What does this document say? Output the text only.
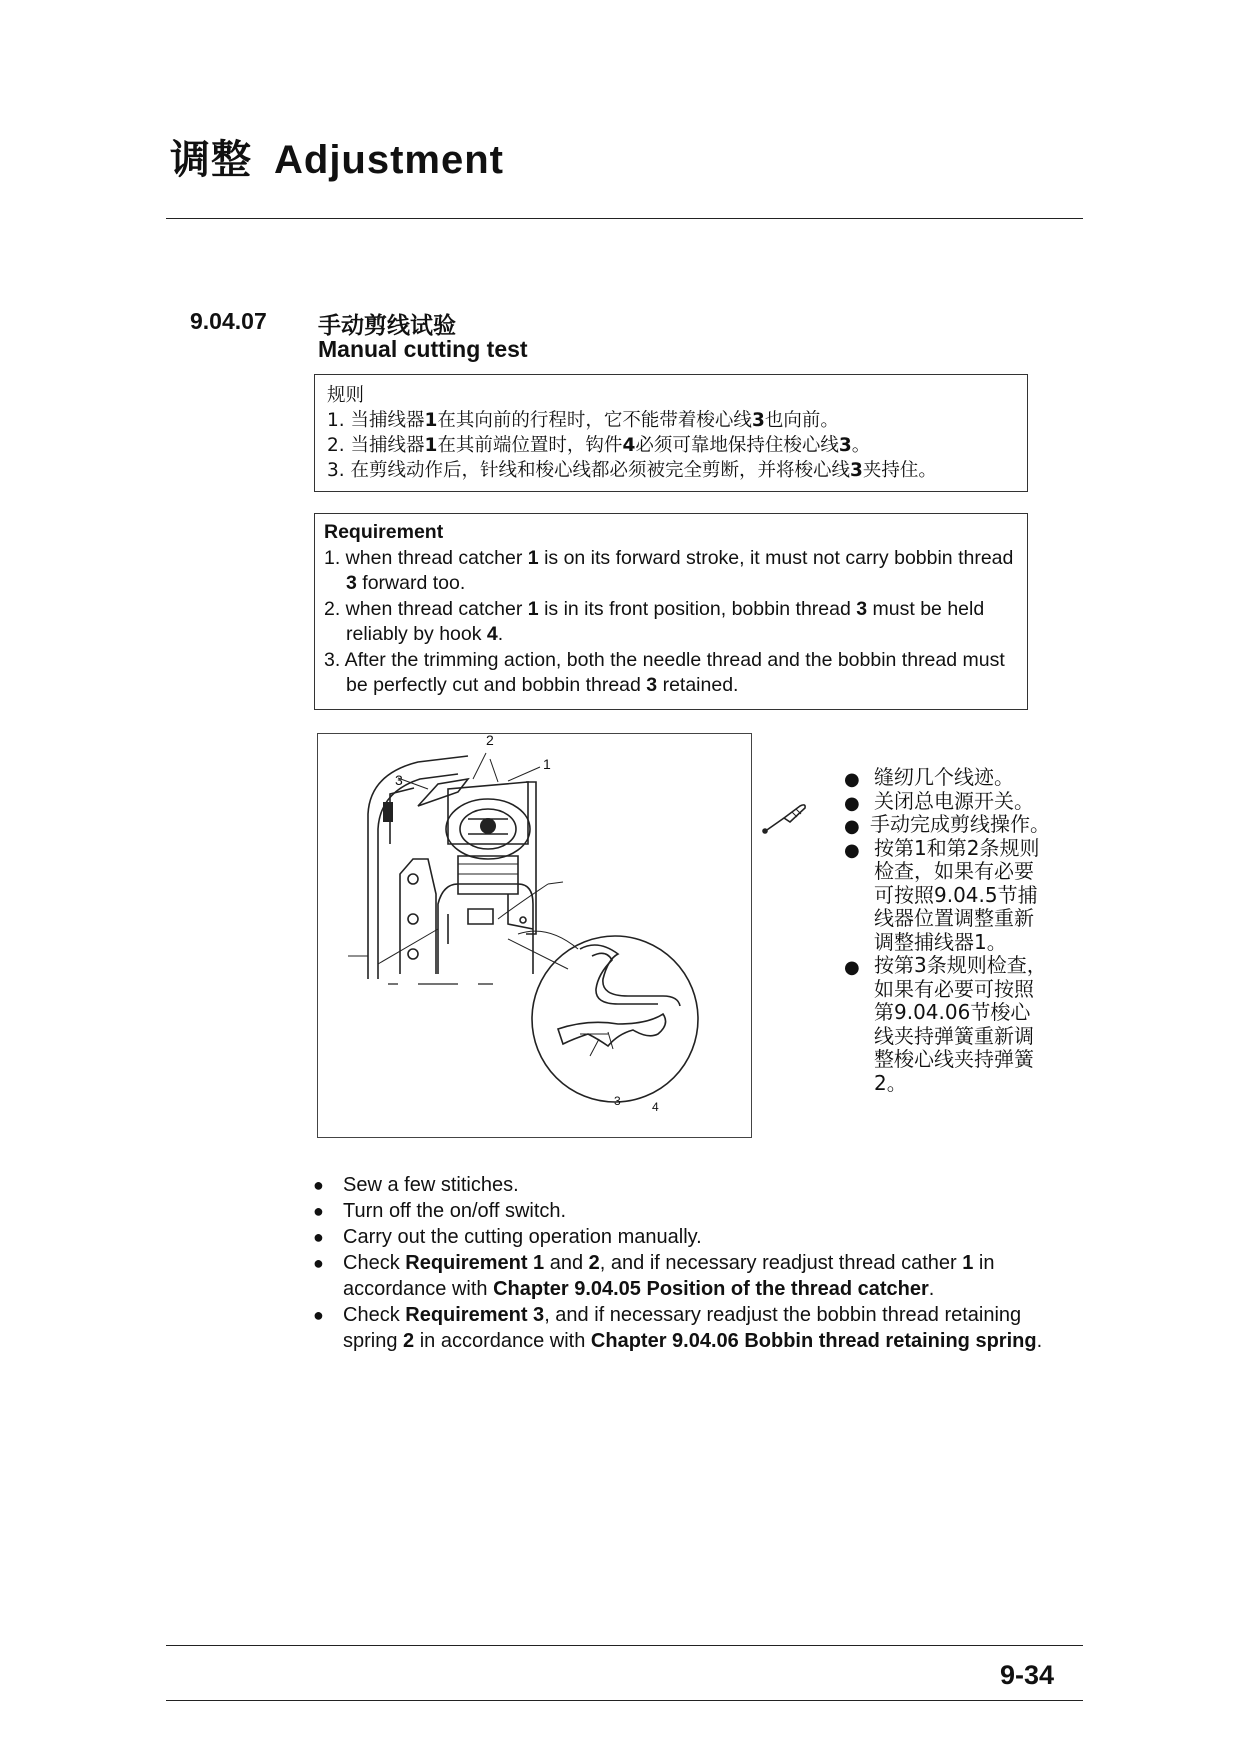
调整 Adjustment
9.04.07 手动剪线试验
Manual cutting test
规则
1. 当捕线器1在其向前的行程时，它不能带着梭心线3也向前。
2. 当捕线器1在其前端位置时，钩件4必须可靠地保持住梭心线3。
3. 在剪线动作后，针线和梭心线都必须被完全剪断，并将梭心线3夹持住。
Requirement
1. when thread catcher 1 is on its forward stroke, it must not carry bobbin thread 3 forward too.
2. when thread catcher 1 is in its front position, bobbin thread 3 must be held reliably by hook 4.
3. After the trimming action, both the needle thread and the bobbin thread must be perfectly cut and bobbin thread 3 retained.
2
1
3
3	4
● 缝纫几个线迹。
● 关闭总电源开关。
● 手动完成剪线操作。
● 按第1和第2条规则检查，如果有必要可按照9.04.5节捕线器位置调整重新调整捕线器1。
● 按第3条规则检查，如果有必要可按照第9.04.06节梭心线夹持弹簧重新调整梭心线夹持弹簧2。
● Sew a few stitiches.
● Turn off the on/off switch.
● Carry out the cutting operation manually.
● Check Requirement 1 and 2, and if necessary readjust thread cather 1 in accordance with Chapter 9.04.05 Position of the thread catcher.
● Check Requirement 3, and if necessary readjust the bobbin thread retaining spring 2 in accordance with Chapter 9.04.06 Bobbin thread retaining spring.
9-34
